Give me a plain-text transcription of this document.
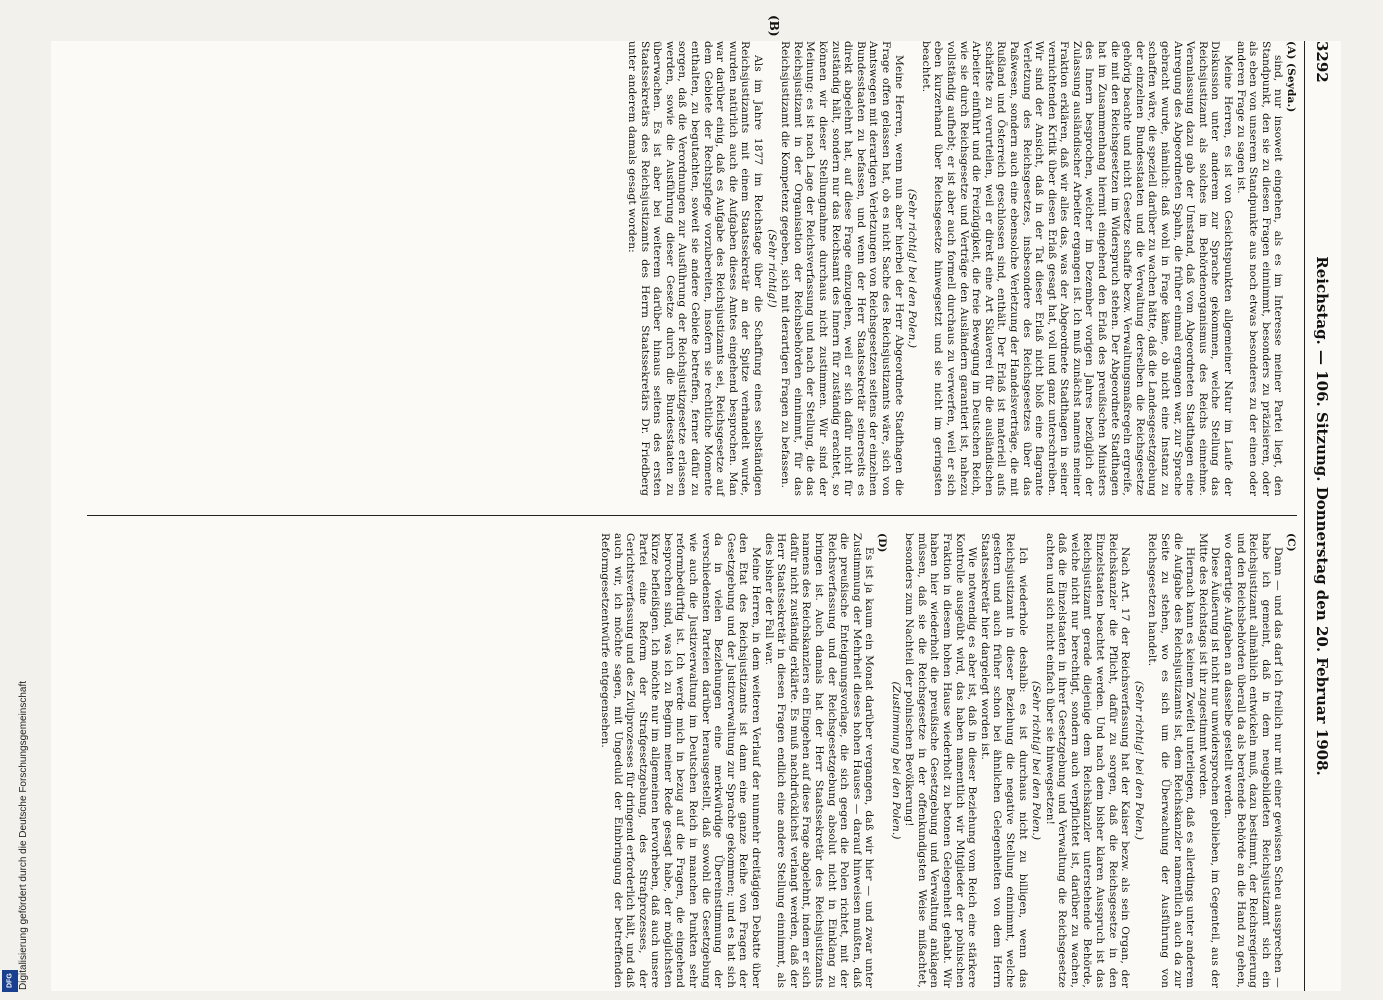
3292
Reichstag. — 106. Sitzung. Donnerstag den 20. Februar 1908.

(A) (Seyda.)

sind, nur insoweit eingehen, als es im Interesse meiner Partei liegt, den Standpunkt, den sie zu diesen Fragen einnimmt, besonders zu präzisieren, oder als eben von unserem Standpunkte aus noch etwas besonderes zu der einen oder anderen Frage zu sagen ist.

Meine Herren, es ist von Gesichtspunkten allgemeiner Natur im Laufe der Diskussion unter anderem zur Sprache gekommen, welche Stellung das Reichsjustizamt als solches im Behördenorganismus des Reichs einnehme. Veranlassung dazu gab der Umstand, daß vom Abgeordneten Stadthagen eine Anregung des Abgeordneten Spahn, die früher einmal ergangen war, zur Sprache gebracht wurde, nämlich: daß wohl in Frage käme, ob nicht eine Instanz zu schaffen wäre, die speziell darüber zu wachen hätte, daß die Landesgesetzgebung der einzelnen Bundesstaaten und die Verwaltung derselben die Reichsgesetze gehörig beachte und nicht Gesetze schaffe bezw. Verwaltungsmaßregeln ergreife, die mit den Reichsgesetzen im Widerspruch stehen. Der Abgeordnete Stadthagen hat im Zusammenhang hiermit eingehend den Erlaß des preußischen Ministers des Innern besprochen, welcher im Dezember vorigen Jahres bezüglich der Zulassung ausländischer Arbeiter ergangen ist. Ich muß zunächst namens meiner Fraktion erklären, daß wir alles das, was der Abgeordnete Stadthagen in seiner vernichtenden Kritik über diesen Erlaß gesagt hat, voll und ganz unterschreiben. Wir sind der Ansicht, daß in der Tat dieser Erlaß nicht bloß eine flagrante Verletzung des Reichsgesetzes, insbesondere des Reichsgesetzes über das Paßwesen, sondern auch eine ebensolche Verletzung der Handelsverträge, die mit Rußland und Österreich geschlossen sind, enthält. Der Erlaß ist materiell aufs schärfste zu verurteilen, weil er direkt eine Art Sklaverei für die ausländischen Arbeiter einführt und die Freizügigkeit, die freie Bewegung im Deutschen Reich, wie sie durch Reichsgesetze und Verträge den Ausländern garantiert ist, nahezu vollständig aufhebt; er ist aber auch formell durchaus zu verwerfen, weil er sich eben kurzerhand über Reichsgesetze hinwegsetzt und sie nicht im geringsten beachtet.

(Sehr richtig! bei den Polen.)

Meine Herren, wenn nun aber hierbei der Herr Abgeordnete Stadthagen die Frage offen gelassen hat, ob es nicht Sache des Reichsjustizamts wäre, sich von Amtswegen mit derartigen Verletzungen von Reichsgesetzen seitens der einzelnen Bundesstaaten zu befassen, und wenn der Herr Staatssekretär seinerseits es direkt abgelehnt hat, auf diese Frage einzugehen, weil er sich dafür nicht für zuständig hält, sondern nur das Reichsamt des Innern für zuständig erachtet, so können wir dieser Stellungnahme durchaus nicht zustimmen. Wir sind der Meinung: es ist nach Lage der Reichsverfassung und nach der Stellung, die das Reichsjustizamt in der Organisation der Reichsbehörden einnimmt, für das Reichsjustizamt die Kompetenz gegeben, sich mit derartigen Fragen zu befassen.

(Sehr richtig!)

Als im Jahre 1877 im Reichstage über die Schaffung eines selbständigen Reichsjustizamts mit einem Staatssekretär an der Spitze verhandelt wurde, wurden natürlich auch die Aufgaben dieses Amtes eingehend besprochen. Man war darüber einig, daß es Aufgabe des Reichsjustizamts sei, Reichsgesetze auf dem Gebiete der Rechtspflege vorzubereiten, insofern sie rechtliche Momente enthalten, zu begutachten, soweit sie andere Gebiete betreffen, ferner dafür zu sorgen, daß die Verordnungen zur Ausführung der Reichsjustizgesetze erlassen werden, sowie die Ausführung dieser Gesetze durch die Bundesstaaten zu überwachen. Es ist aber bei weiterem darüber hinaus seitens des ersten Staatssekretärs des Reichsjustizamts des Herrn Staatssekretärs Dr. Friedberg unter anderem damals gesagt worden:

(C)

Dann — und das darf ich freilich nur mit einer gewissen Scheu aussprechen — habe ich gemeint, daß in dem neugebildeten Reichsjustizamt sich ein Reichsjustizamt allmählich entwickeln muß, dazu bestimmt, der Reichsregierung und den Reichsbehörden überall da als beratende Behörde an die Hand zu gehen, wo derartige Aufgaben an dasselbe gestellt werden.

Diese Äußerung ist nicht nur unwidersprochen geblieben, im Gegenteil, aus der Mitte des Reichstags ist ihr zugestimmt worden.

Hiernach kann es keinem Zweifel unterliegen, daß es allerdings unter anderem die Aufgabe des Reichsjustizamts ist, dem Reichskanzler namentlich auch da zur Seite zu stehen, wo es sich um die Überwachung der Ausführung von Reichsgesetzen handelt.

(Sehr richtig! bei den Polen.)

Nach Art. 17 der Reichsverfassung hat der Kaiser bezw. als sein Organ, der Reichskanzler die Pflicht, dafür zu sorgen, daß die Reichsgesetze in den Einzelstaaten beachtet werden. Und nach dem bisher klaren Ausspruch ist das Reichsjustizamt gerade diejenige dem Reichskanzler unterstehende Behörde, welche nicht nur berechtigt, sondern auch verpflichtet ist, darüber zu wachen, daß die Einzelstaaten in ihrer Gesetzgebung und Verwaltung die Reichsgesetze achten und sich nicht einfach über sie hinwegsetzen!

(Sehr richtig! bei den Polen.)

Ich wiederhole deshalb: es ist durchaus nicht zu billigen, wenn das Reichsjustizamt in dieser Beziehung die negative Stellung einnimmt, welche gestern und auch früher schon bei ähnlichen Gelegenheiten von dem Herrn Staatssekretär hier dargelegt worden ist.

Wie notwendig es aber ist, daß in dieser Beziehung vom Reich eine stärkere Kontrolle ausgeübt wird, das haben namentlich wir Mitglieder der polnischen Fraktion in diesem hohen Hause wiederholt zu betonen Gelegenheit gehabt. Wir haben hier wiederholt die preußische Gesetzgebung und Verwaltung anklagen müssen, daß sie die Reichsgesetze in der offenkundigsten Weise mißachtet, besonders zum Nachteil der polnischen Bevölkerung!

(Zustimmung bei den Polen.)

(D)

Es ist ja kaum ein Monat darüber vergangen, daß wir hier — und zwar unter Zustimmung der Mehrheit dieses hohen Hauses — darauf hinweisen mußten, daß die preußische Enteignungsvorlage, die sich gegen die Polen richtet, mit der Reichsverfassung und der Reichsgesetzgebung absolut nicht in Einklang zu bringen ist. Auch damals hat der Herr Staatssekretär des Reichsjustizamts namens des Reichskanzlers ein Eingehen auf diese Frage abgelehnt, indem er sich dafür nicht zuständig erklärte. Es muß nachdrücklichst verlangt werden, daß der Herr Staatssekretär in diesen Fragen endlich eine andere Stellung einnimmt, als dies bisher der Fall war.

Meine Herren, in dem weiteren Verlauf der nunmehr dreitägigen Debatte über den Etat des Reichsjustizamts ist dann eine ganze Reihe von Fragen der Gesetzgebung und der Justizverwaltung zur Sprache gekommen; und es hat sich da in vielen Beziehungen eine merkwürdige Übereinstimmung der verschiedensten Parteien darüber herausgestellt, daß sowohl die Gesetzgebung wie auch die Justizverwaltung im Deutschen Reich in manchen Punkten sehr reformbedürftig ist. Ich werde mich in bezug auf die Fragen, die eingehend besprochen sind, was ich zu Beginn meiner Rede gesagt habe, der möglichsten Kürze befleißigen. Ich möchte nur im allgemeinen hervorheben, daß auch unsere Partei eine Reform der Strafgesetzgebung, des Strafprozesses, der Gerichtsverfassung und des Zivilprozesses für dringend erforderlich hält, und daß auch wir, ich möchte sagen, mit Ungeduld der Einbringung der betreffenden Reformgesetzentwürfe entgegensehen.

(B)
Digitalisierung gefördert durch die Deutsche Forschungsgemeinschaft
DFG
